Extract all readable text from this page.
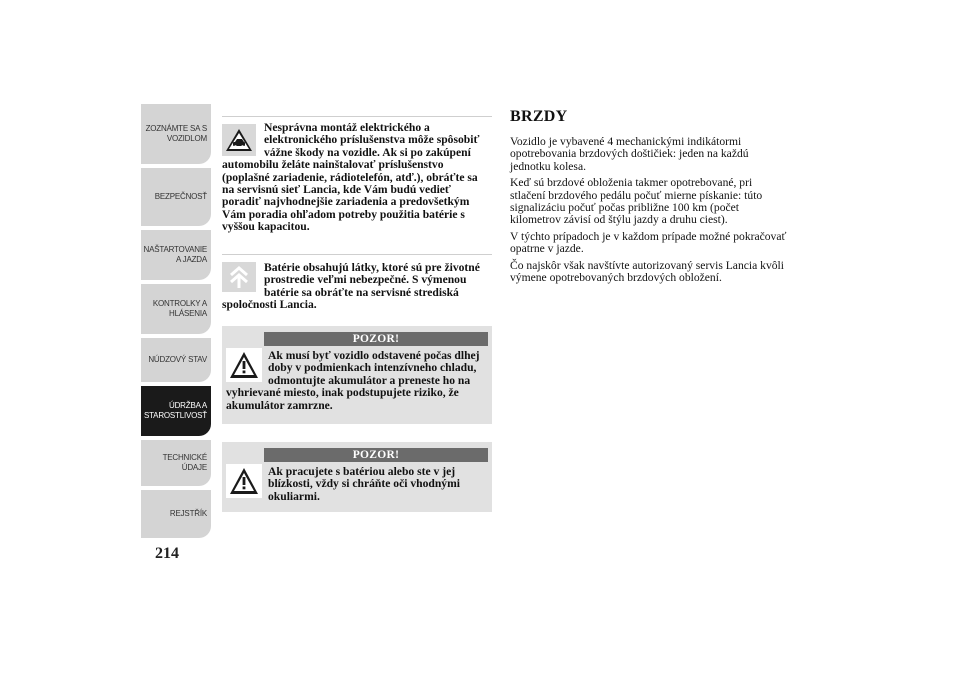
ZOZNÁMTE SA S
VOZIDLOM
BEZPEČNOSŤ
NAŠTARTOVANIE
A JAZDA
KONTROLKY A
HLÁSENIA
NÚDZOVÝ STAV
ÚDRŽBA A
STAROSTLIVOSŤ
TECHNICKÉ
ÚDAJE
REJSTŘÍK
214
Nesprávna montáž elektrického a elektronického príslušenstva môže spôsobiť vážne škody na vozidle. Ak si po zakúpení automobilu želáte nainštalovať príslušenstvo (poplašné zariadenie, rádiotelefón, atď.), obráťte sa na servisnú sieť Lancia, kde Vám budú vedieť poradiť najvhodnejšie zariadenia a predovšetkým Vám poradia ohľadom potreby použitia batérie s vyššou kapacitou.
Batérie obsahujú látky, ktoré sú pre životné prostredie veľmi nebezpečné. S výmenou batérie sa obráťte na servisné strediská spoločnosti Lancia.
POZOR!
Ak musí byť vozidlo odstavené počas dlhej doby v podmienkach intenzívneho chladu, odmontujte akumulátor a preneste ho na vyhrievané miesto, inak podstupujete riziko, že akumulátor zamrzne.
POZOR!
Ak pracujete s batériou alebo ste v jej blízkosti, vždy si chráňte oči vhodnými okuliarmi.
BRZDY

Vozidlo je vybavené 4 mechanickými indikátormi opotrebovania brzdových doštičiek: jeden na každú jednotku kolesa.

Keď sú brzdové obloženia takmer opotrebované, pri stlačení brzdového pedálu počuť mierne pískanie: túto signalizáciu počuť počas približne 100 km (počet kilometrov závisí od štýlu jazdy a druhu ciest).

V týchto prípadoch je v každom prípade možné pokračovať opatrne v jazde.

Čo najskôr však navštívte autorizovaný servis Lancia kvôli výmene opotrebovaných brzdových obložení.
